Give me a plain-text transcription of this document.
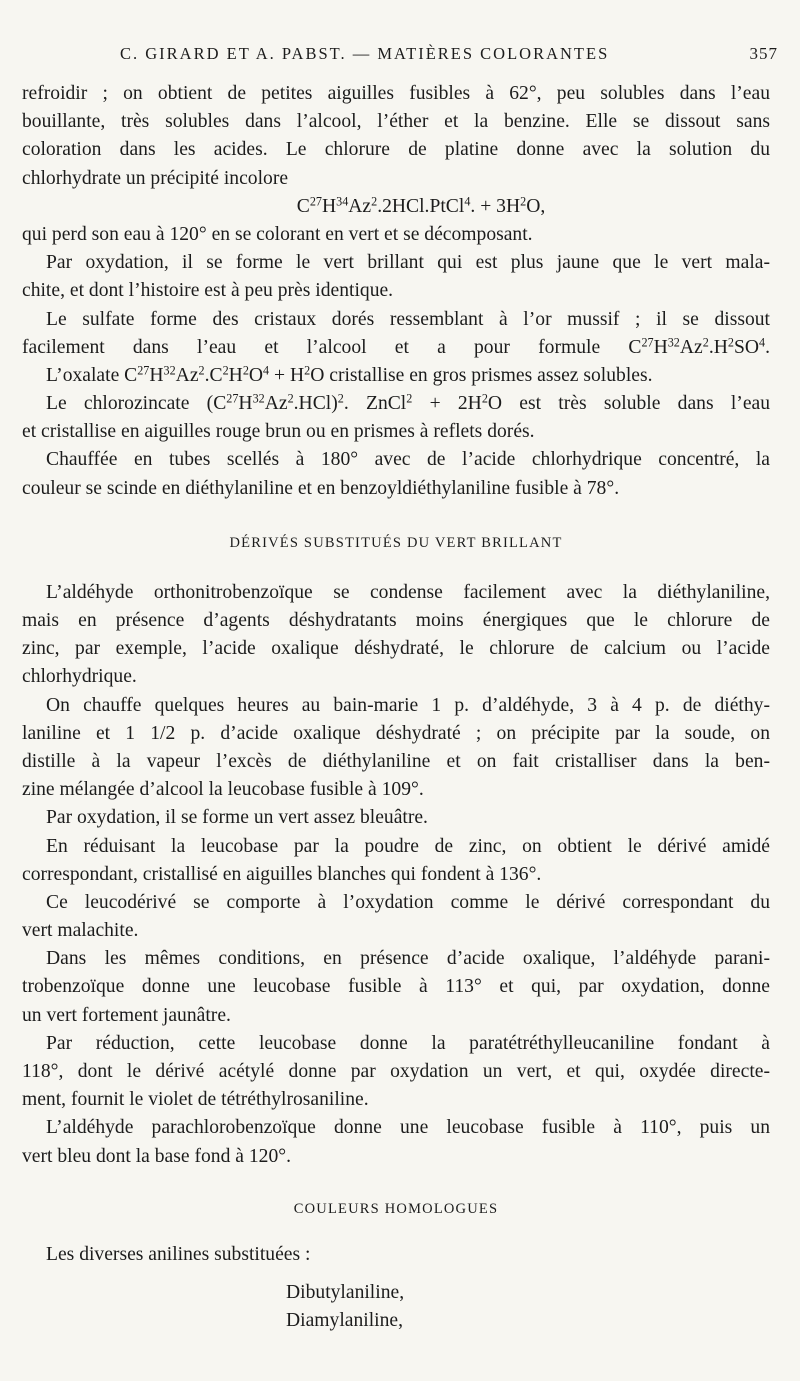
C. GIRARD ET A. PABST. — MATIÈRES COLORANTES	357
refroidir ; on obtient de petites aiguilles fusibles à 62°, peu solubles dans l’eau
bouillante, très solubles dans l’alcool, l’éther et la benzine. Elle se dissout sans
coloration dans les acides. Le chlorure de platine donne avec la solution du
chlorhydrate un précipité incolore
$C^{27}H^{34}Az^2.2HCl.PtCl^4$. + $3H^2O$,
qui perd son eau à 120° en se colorant en vert et se décomposant.
Par oxydation, il se forme le vert brillant qui est plus jaune que le vert mala-
chite, et dont l’histoire est à peu près identique.
Le sulfate forme des cristaux dorés ressemblant à l’or mussif ; il se dissout
facilement dans l’eau et l’alcool et a pour formule $C^{27}H^{32}Az^2.H^2SO^4$.
L’oxalate $C^{27}H^{32}Az^2.C^2H^2O^4 + H^2O$ cristallise en gros prismes assez solubles.
Le chlorozincate $(C^{27}H^{32}Az^2.HCl)^2$. ZnCl$^2$ + $2H^2O$ est très soluble dans l’eau
et cristallise en aiguilles rouge brun ou en prismes à reflets dorés.
Chauffée en tubes scellés à 180° avec de l’acide chlorhydrique concentré, la
couleur se scinde en diéthylaniline et en benzoyldiéthylaniline fusible à 78°.
DÉRIVÉS SUBSTITUÉS DU VERT BRILLANT
L’aldéhyde orthonitrobenzoïque se condense facilement avec la diéthylaniline,
mais en présence d’agents déshydratants moins énergiques que le chlorure de
zinc, par exemple, l’acide oxalique déshydraté, le chlorure de calcium ou l’acide
chlorhydrique.
On chauffe quelques heures au bain-marie 1 p. d’aldéhyde, 3 à 4 p. de diéthy-
laniline et 1 1/2 p. d’acide oxalique déshydraté ; on précipite par la soude, on
distille à la vapeur l’excès de diéthylaniline et on fait cristalliser dans la ben-
zine mélangée d’alcool la leucobase fusible à 109°.
Par oxydation, il se forme un vert assez bleuâtre.
En réduisant la leucobase par la poudre de zinc, on obtient le dérivé amidé
correspondant, cristallisé en aiguilles blanches qui fondent à 136°.
Ce leucodérivé se comporte à l’oxydation comme le dérivé correspondant du
vert malachite.
Dans les mêmes conditions, en présence d’acide oxalique, l’aldéhyde parani-
trobenzoïque donne une leucobase fusible à 113° et qui, par oxydation, donne
un vert fortement jaunâtre.
Par réduction, cette leucobase donne la paratétréthylleucaniline fondant à
118°, dont le dérivé acétylé donne par oxydation un vert, et qui, oxydée directe-
ment, fournit le violet de tétréthylrosaniline.
L’aldéhyde parachlorobenzoïque donne une leucobase fusible à 110°, puis un
vert bleu dont la base fond à 120°.
COULEURS HOMOLOGUES
Les diverses anilines substituées :
Dibutylaniline,
Diamylaniline,
